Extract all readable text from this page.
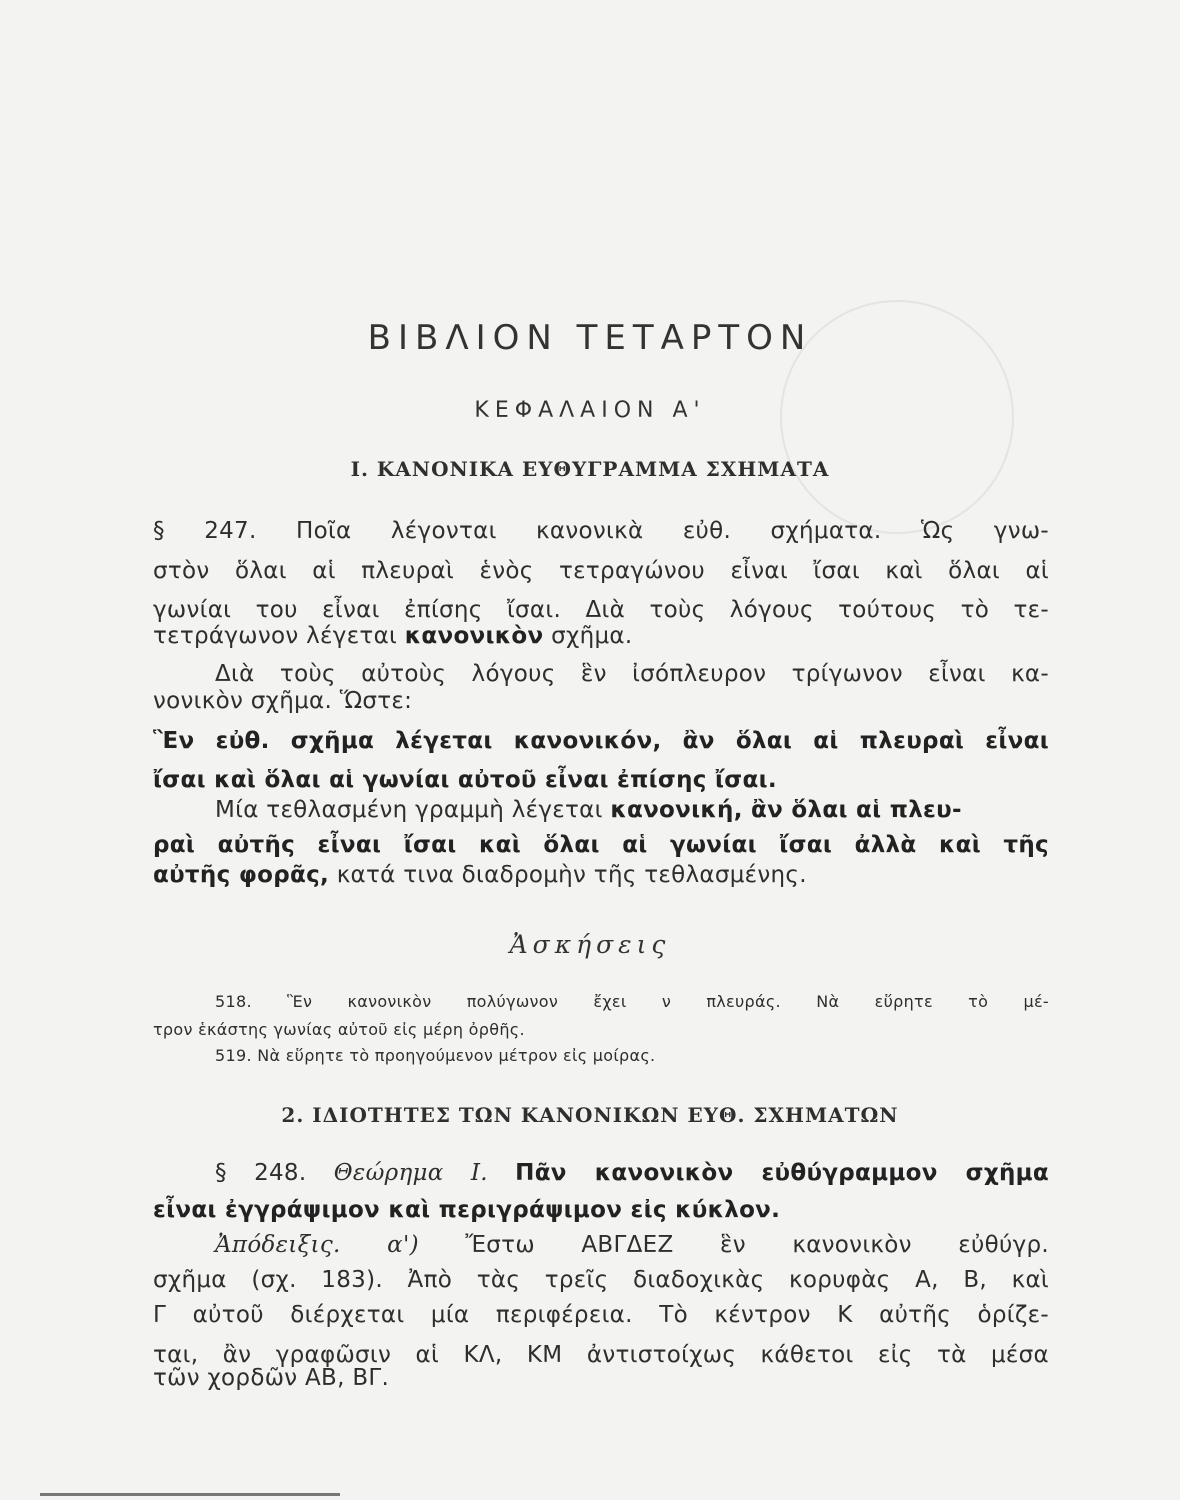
ΒΙΒΛΙΟΝ ΤΕΤΑΡΤΟΝ
ΚΕΦΑΛΑΙΟΝ Α'
Ι. ΚΑΝΟΝΙΚΑ ΕΥΘΥΓΡΑΜΜΑ ΣΧΗΜΑΤΑ
§ 247. Ποῖα λέγονται κανονικὰ εὐθ. σχήματα. Ὡς γνω-
στὸν ὅλαι αἱ πλευραὶ ἑνὸς τετραγώνου εἶναι ἴσαι καὶ ὅλαι αἱ
γωνίαι του εἶναι ἐπίσης ἴσαι. Διὰ τοὺς λόγους τούτους τὸ τε-
τετράγωνον λέγεται κανονικὸν σχῆμα.
Διὰ τοὺς αὐτοὺς λόγους ἓν ἰσόπλευρον τρίγωνον εἶναι κα-
νονικὸν σχῆμα. Ὥστε:
Ἓν εὐθ. σχῆμα λέγεται κανονικόν, ἂν ὅλαι αἱ πλευραὶ εἶναι
ἴσαι καὶ ὅλαι αἱ γωνίαι αὐτοῦ εἶναι ἐπίσης ἴσαι.
Μία τεθλασμένη γραμμὴ λέγεται κανονική, ἂν ὅλαι αἱ πλευ-
ραὶ αὐτῆς εἶναι ἴσαι καὶ ὅλαι αἱ γωνίαι ἴσαι ἀλλὰ καὶ τῆς
αὐτῆς φορᾶς, κατά τινα διαδρομὴν τῆς τεθλασμένης.
Ἀσκήσεις
518. Ἓν κανονικὸν πολύγωνον ἔχει ν πλευράς. Νὰ εὕρητε τὸ μέ-
τρον ἑκάστης γωνίας αὐτοῦ εἰς μέρη ὀρθῆς.
519. Νὰ εὕρητε τὸ προηγούμενον μέτρον εἰς μοίρας.
2. ΙΔΙΟΤΗΤΕΣ ΤΩΝ ΚΑΝΟΝΙΚΩΝ ΕΥΘ. ΣΧΗΜΑΤΩΝ
§ 248. Θεώρημα Ι. Πᾶν κανονικὸν εὐθύγραμμον σχῆμα
εἶναι ἐγγράψιμον καὶ περιγράψιμον εἰς κύκλον.
Ἀπόδειξις. α') Ἔστω ΑΒΓΔΕΖ ἓν κανονικὸν εὐθύγρ.
σχῆμα (σχ. 183). Ἀπὸ τὰς τρεῖς διαδοχικὰς κορυφὰς Α, Β, καὶ
Γ αὐτοῦ διέρχεται μία περιφέρεια. Τὸ κέντρον Κ αὐτῆς ὁρίζε-
ται, ἂν γραφῶσιν αἱ ΚΛ, ΚΜ ἀντιστοίχως κάθετοι εἰς τὰ μέσα
τῶν χορδῶν ΑΒ, ΒΓ.
